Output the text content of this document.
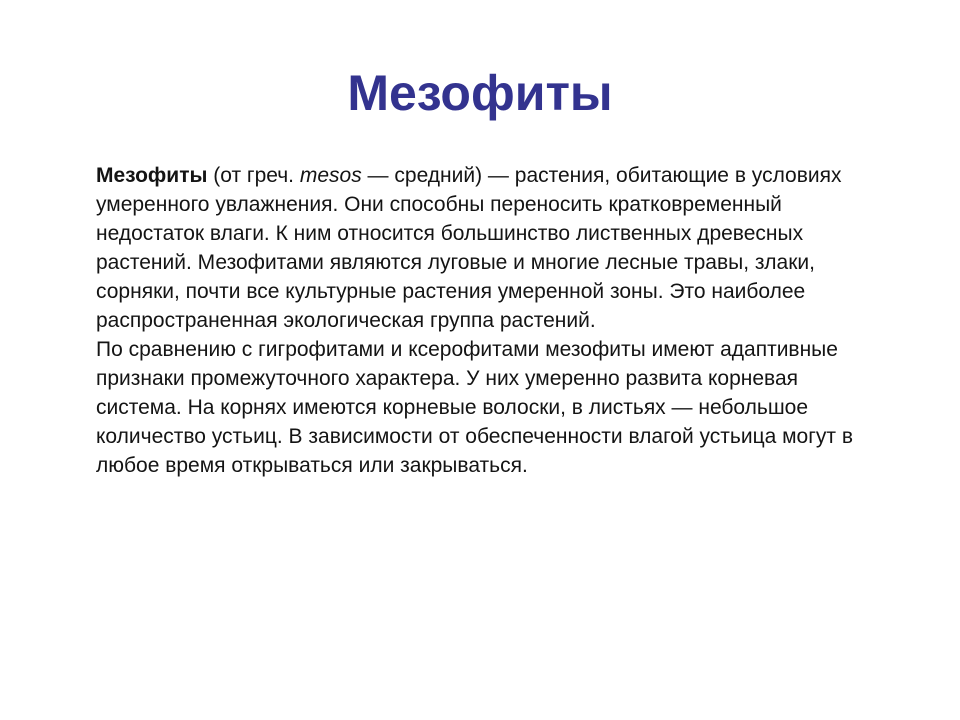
Мезофиты

Мезофиты (от греч. mesos — средний) — растения, обитающие в условиях умеренного увлажнения. Они способны переносить кратковременный недостаток влаги. К ним относится большинство лиственных древесных растений. Мезофитами являются луговые и многие лесные травы, злаки, сорняки, почти все культурные растения умеренной зоны. Это наиболее распространенная экологическая группа растений.

По сравнению с гигрофитами и ксерофитами мезофиты имеют адаптивные признаки промежуточного характера. У них умеренно развита корневая система. На корнях имеются корневые волоски, в листьях — небольшое количество устьиц. В зависимости от обеспеченности влагой устьица могут в любое время открываться или закрываться.
